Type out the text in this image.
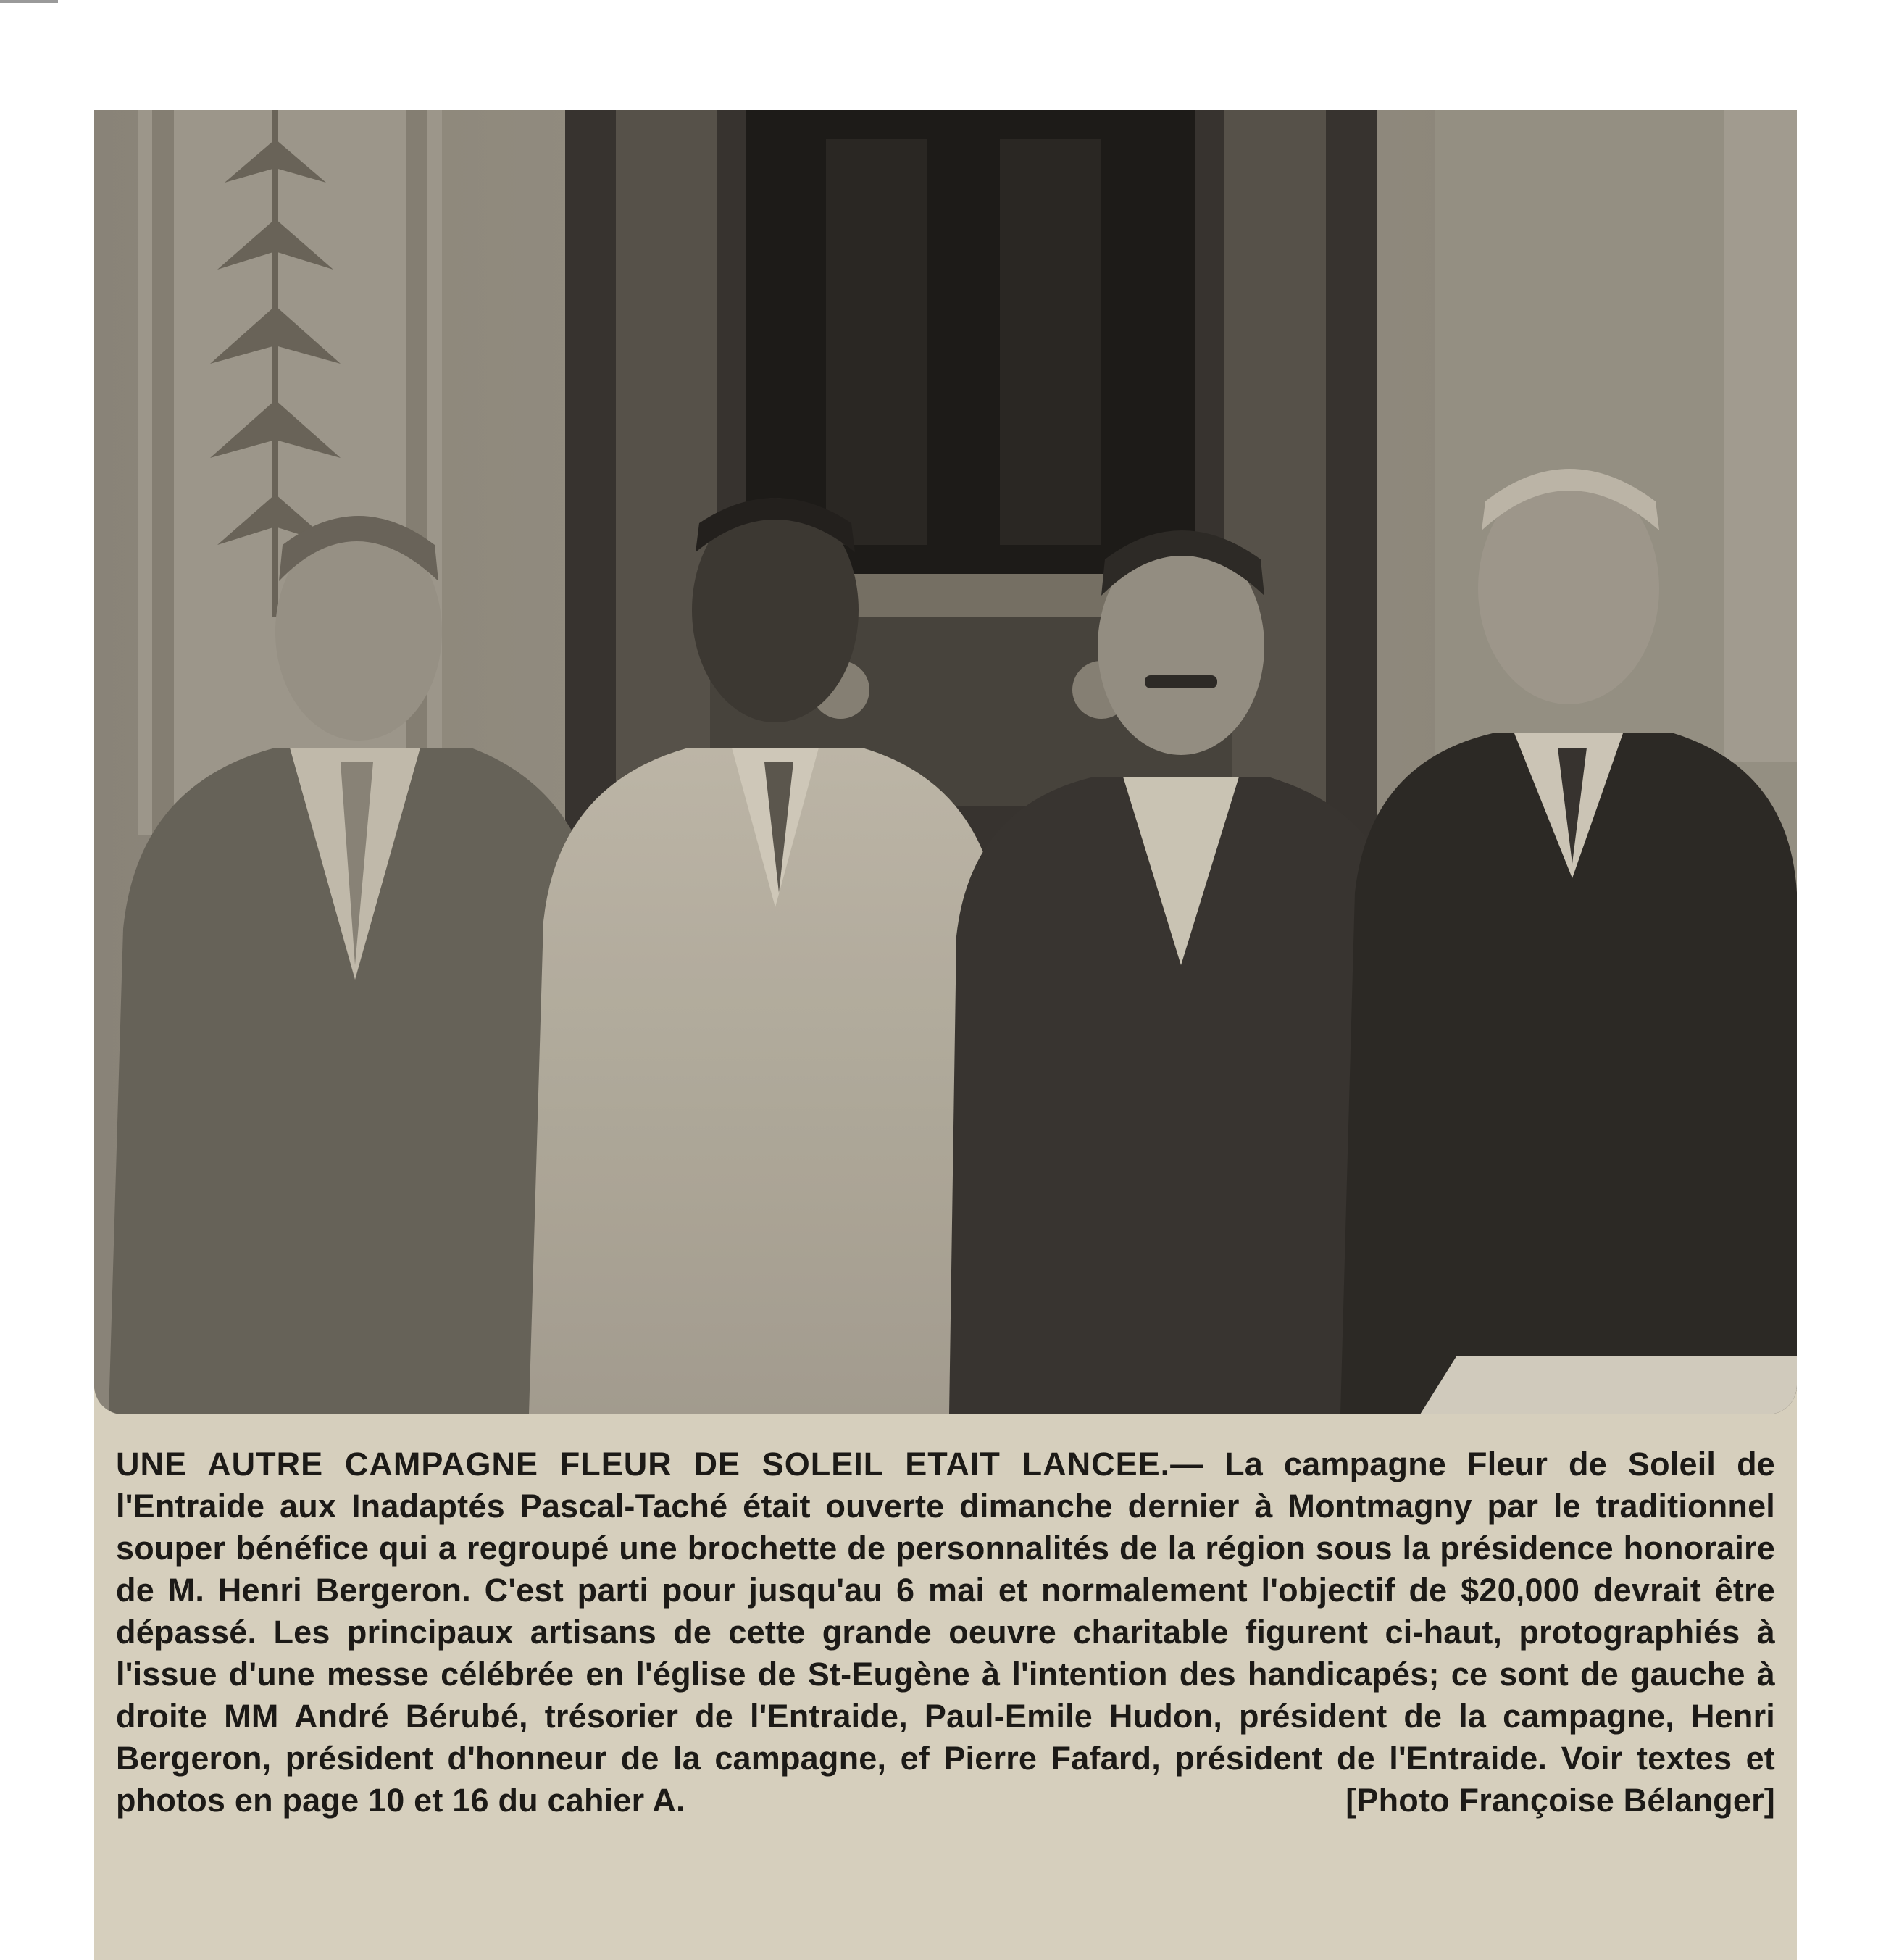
UNE AUTRE CAMPAGNE FLEUR DE SOLEIL ETAIT LANCEE.— La campagne Fleur de Soleil de l'Entraide aux Inadaptés Pascal-Taché était ouverte dimanche dernier à Montmagny par le traditionnel souper bénéfice qui a regroupé une brochette de personnalités de la région sous la présidence honoraire de M. Henri Bergeron. C'est parti pour jusqu'au 6 mai et normalement l'objectif de $20,000 devrait être dépassé. Les principaux artisans de cette grande oeuvre charitable figurent ci-haut, protographiés à l'issue d'une messe célébrée en l'église de St-Eugène à l'intention des handicapés; ce sont de gauche à droite MM André Bérubé, trésorier de l'Entraide, Paul-Emile Hudon, président de la campagne, Henri Bergeron, président d'honneur de la campagne, ef Pierre Fafard, président de l'Entraide. Voir textes et photos en page 10 et 16 du cahier A.	[Photo Françoise Bélanger]
